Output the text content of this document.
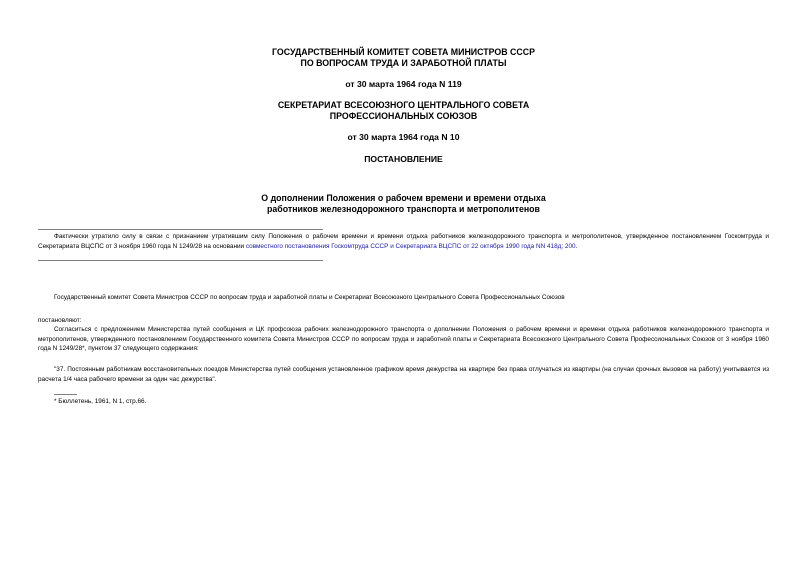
ГОСУДАРСТВЕННЫЙ КОМИТЕТ СОВЕТА МИНИСТРОВ СССР
ПО ВОПРОСАМ ТРУДА И ЗАРАБОТНОЙ ПЛАТЫ
от 30 марта 1964 года N 119
СЕКРЕТАРИАТ ВСЕСОЮЗНОГО ЦЕНТРАЛЬНОГО СОВЕТА
ПРОФЕССИОНАЛЬНЫХ СОЮЗОВ
от 30 марта 1964 года N 10
ПОСТАНОВЛЕНИЕ
О дополнении Положения о рабочем времени и времени отдыха
работников железнодорожного транспорта и метрополитенов
Фактически утратило силу в связи с признанием утратившим силу Положения о рабочем времени и времени отдыха работников железнодорожного транспорта и метрополитенов, утвержденное постановлением Госкомтруда и Секретариата ВЦСПС от 3 ноября 1960 года N 1249/28 на основании совместного постановления Госкомтруда СССР и Секретариата ВЦСПС от 22 октября 1990 года NN 418д; 200.
Государственный комитет Совета Министров СССР по вопросам труда и заработной платы и Секретариат Всесоюзного Центрального Совета Профессиональных Союзов
постановляют:
Согласиться с предложением Министерства путей сообщения и ЦК профсоюза рабочих железнодорожного транспорта о дополнении Положения о рабочем времени и времени отдыха работников железнодорожного транспорта и метрополитенов, утвержденного постановлением Государственного комитета Совета Министров СССР по вопросам труда и заработной платы и Секретариата Всесоюзного Центрального Совета Профессиональных Союзов от 3 ноября 1960 года N 1249/28*, пунктом 37 следующего содержания:
"37. Постоянным работникам восстановительных поездов Министерства путей сообщения установленное графиком время дежурства на квартире без права отлучаться из квартиры (на случаи срочных вызовов на работу) учитывается из расчета 1/4 часа рабочего времени за один час дежурства".
* Бюллетень, 1961, N 1, стр.66.
